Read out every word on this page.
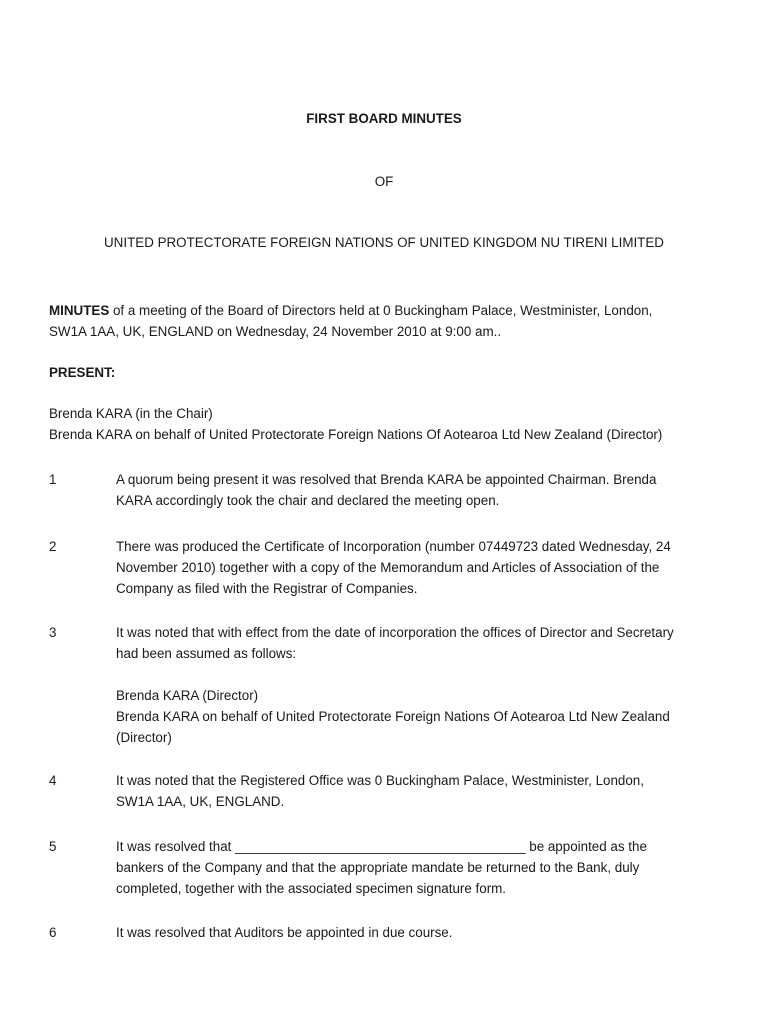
FIRST BOARD MINUTES
OF
UNITED PROTECTORATE FOREIGN NATIONS OF UNITED KINGDOM NU TIRENI LIMITED
MINUTES of a meeting of the Board of Directors held at 0 Buckingham Palace, Westminister, London,
SW1A 1AA, UK, ENGLAND on Wednesday, 24 November 2010 at 9:00 am..
PRESENT:
Brenda KARA (in the Chair)
Brenda KARA on behalf of United Protectorate Foreign Nations Of Aotearoa Ltd New Zealand (Director)
1	A quorum being present it was resolved that Brenda KARA be appointed Chairman. Brenda
KARA accordingly took the chair and declared the meeting open.

2	There was produced the Certificate of Incorporation (number 07449723 dated Wednesday, 24
November 2010) together with a copy of the Memorandum and Articles of Association of the
Company as filed with the Registrar of Companies.

3	It was noted that with effect from the date of incorporation the offices of Director and Secretary
had been assumed as follows:

Brenda KARA (Director)
Brenda KARA on behalf of United Protectorate Foreign Nations Of Aotearoa Ltd New Zealand
(Director)

4	It was noted that the Registered Office was 0 Buckingham Palace, Westminister, London,
SW1A 1AA, UK, ENGLAND.

5	It was resolved that _______________________________________ be appointed as the
bankers of the Company and that the appropriate mandate be returned to the Bank, duly
completed, together with the associated specimen signature form.

6	It was resolved that Auditors be appointed in due course.
